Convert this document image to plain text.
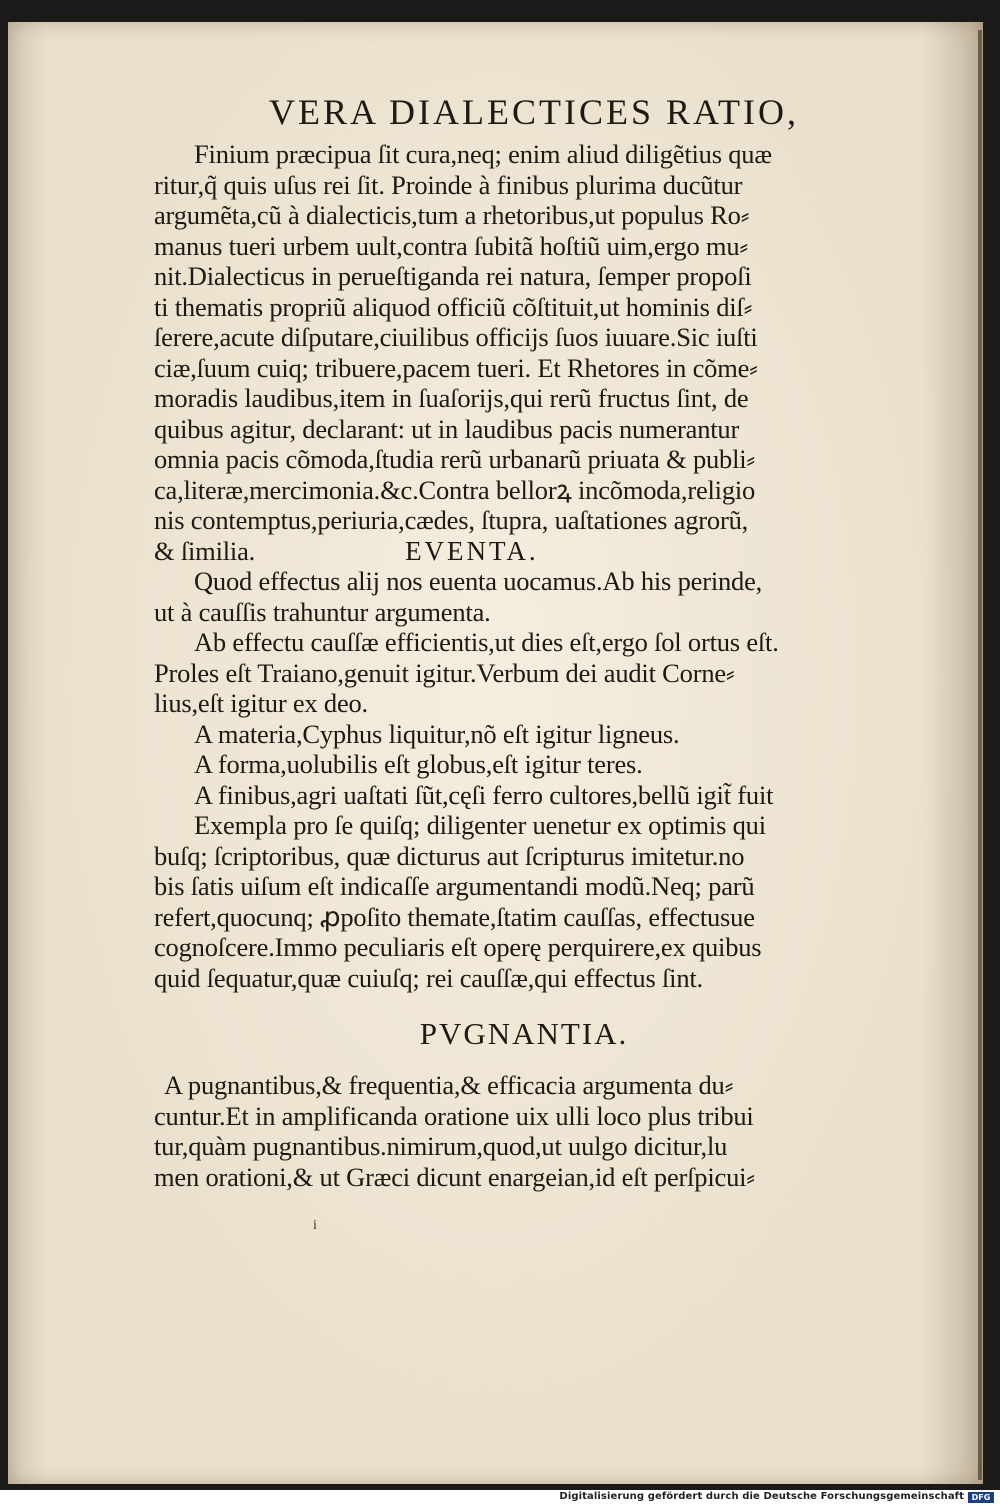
VERA DIALECTICES RATIO,
Finium præcipua ſit cura,neq; enim aliud diligẽtius quæ
ritur,q̃ quis uſus rei ſit. Proinde à finibus plurima ducũtur
argumẽta,cũ à dialecticis,tum a rhetoribus,ut populus Ro⸗
manus tueri urbem uult,contra ſubitã hoſtiũ uim,ergo mu⸗
nit.Dialecticus in perueſtiganda rei natura, ſemper propoſi
ti thematis propriũ aliquod officiũ cõſtituit,ut hominis diſ⸗
ſerere,acute diſputare,ciuilibus officijs ſuos iuuare.Sic iuſti
ciæ,ſuum cuiq; tribuere,pacem tueri. Et Rhetores in cõme⸗
moradis laudibus,item in ſuaſorijs,qui rerũ fructus ſint, de
quibus agitur, declarant: ut in laudibus pacis numerantur
omnia pacis cõmoda,ſtudia rerũ urbanarũ priuata & publi⸗
ca,literæ,mercimonia.&c.Contra bellorꝝ incõmoda,religio
nis contemptus,periuria,cædes, ſtupra, uaſtationes agrorũ,
& ſimilia.	EVENTA.
Quod effectus alij nos euenta uocamus.Ab his perinde,
ut à cauſſis trahuntur argumenta.
Ab effectu cauſſæ efficientis,ut dies eſt,ergo ſol ortus eſt.
Proles eſt Traiano,genuit igitur.Verbum dei audit Corne⸗
lius,eſt igitur ex deo.
A materia,Cyphus liquitur,nõ eſt igitur ligneus.
A forma,uolubilis eſt globus,eſt igitur teres.
A finibus,agri uaſtati ſũt,cęſi ferro cultores,bellũ igit̃ fuit
Exempla pro ſe quiſq; diligenter uenetur ex optimis qui
buſq; ſcriptoribus, quæ dicturus aut ſcripturus imitetur.no
bis ſatis uiſum eſt indicaſſe argumentandi modũ.Neq; parũ
refert,quocunq; ꝓpoſito themate,ſtatim cauſſas, effectusue
cognoſcere.Immo peculiaris eſt operę perquirere,ex quibus
quid ſequatur,quæ cuiuſq; rei cauſſæ,qui effectus ſint.
PVGNANTIA.
A pugnantibus,& frequentia,& efficacia argumenta du⸗
cuntur.Et in amplificanda oratione uix ulli loco plus tribui
tur,quàm pugnantibus.nimirum,quod,ut uulgo dicitur,lu
men orationi,& ut Græci dicunt enargeian,id eſt perſpicui⸗
i
Digitalisierung gefördert durch die Deutsche Forschungsgemeinschaft DFG
